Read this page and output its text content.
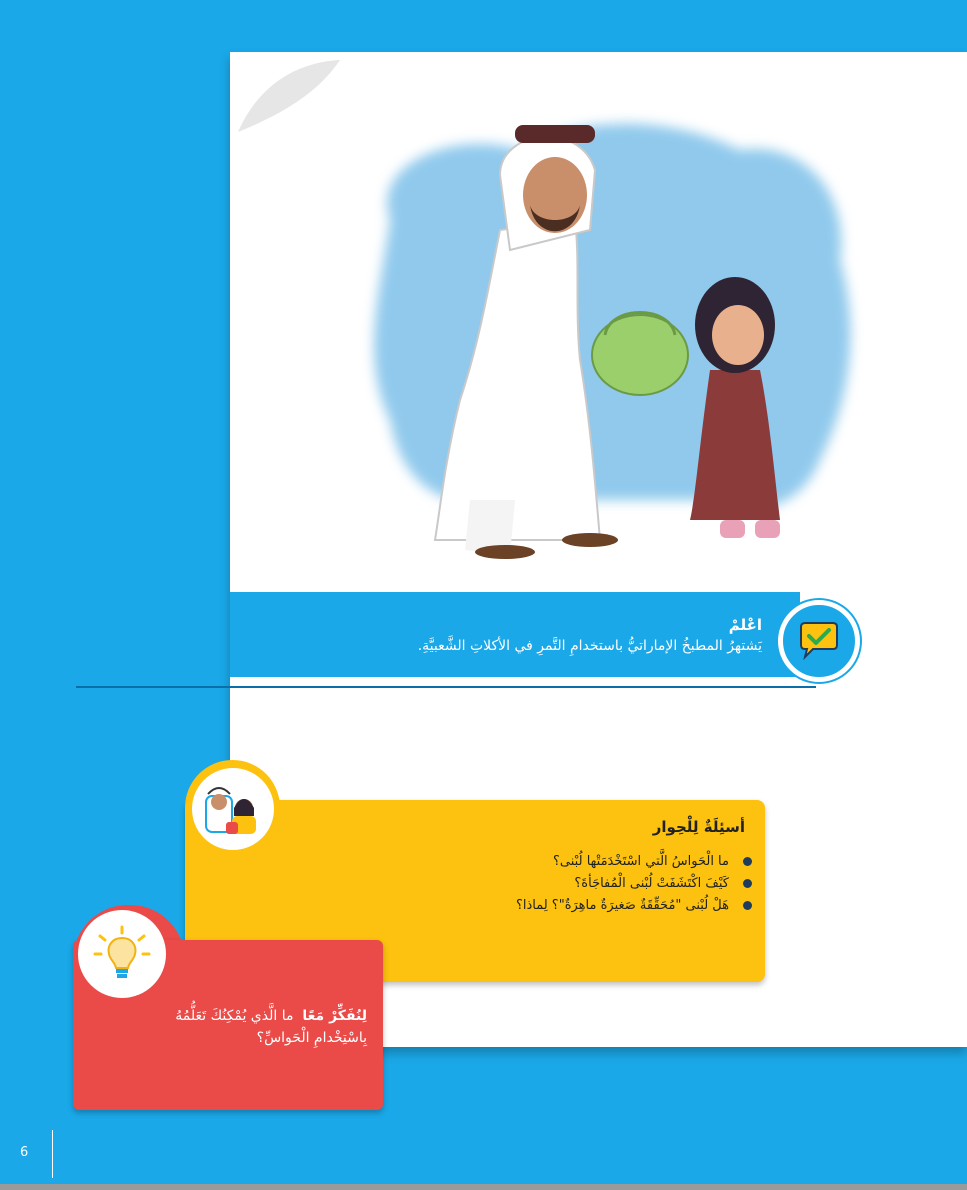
اعْلمْ
يَشتهرُ المطبخُ الإماراتيُّ باستخدامِ التَّمرِ في الأكلاتِ الشَّعبيَّةِ.
أسئِلَةٌ لِلْحِوار
ما الْحَواسُ الَّتي اسْتَخْدَمَتْها لُبْنى؟
كَيْفَ اكْتَشَفَتْ لُبْنى الْمُفاجَأةَ؟
هَلْ لُبْنى "مُحَقِّقَةٌ صَغيرَةٌ ماهِرَةٌ"؟ لِماذا؟
لِنُفَكِّرْ مَعًا  ما الَّذي يُمْكِنُكَ تَعَلُّمُهُ
بِاسْتِخْدامِ الْحَواسِّ؟
6
